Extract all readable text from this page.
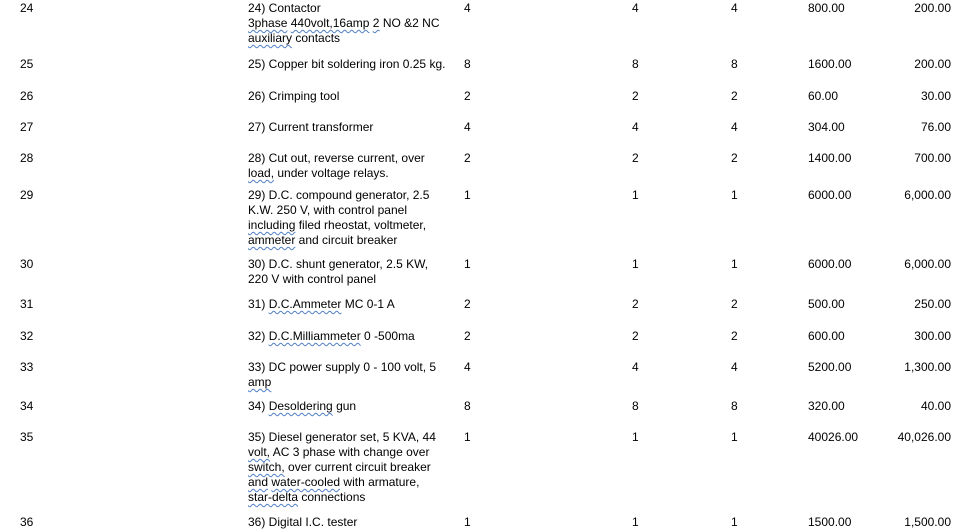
24	24) Contactor
3phase 440volt,16amp 2 NO &2 NC
auxiliary contacts
4	4	4	800.00	200.00
25	25) Copper bit soldering iron 0.25 kg.	8	8	8	1600.00	200.00
26	26) Crimping tool	2	2	2	60.00	30.00
27	27) Current transformer	4	4	4	304.00	76.00
28	28) Cut out, reverse current, over
load, under voltage relays.
2	2	2	1400.00	700.00
29	29) D.C. compound generator, 2.5
K.W. 250 V, with control panel
including filed rheostat, voltmeter,
ammeter and circuit breaker
1	1	1	6000.00	6,000.00
30	30) D.C. shunt generator, 2.5 KW,
220 V with control panel
1	1	1	6000.00	6,000.00
31	31) D.C.Ammeter MC 0-1 A	2	2	2	500.00	250.00
32	32) D.C.Milliammeter 0 -500ma	2	2	2	600.00	300.00
33	33) DC power supply 0 - 100 volt, 5
amp
4	4	4	5200.00	1,300.00
34	34) Desoldering gun	8	8	8	320.00	40.00
35	35) Diesel generator set, 5 KVA, 44
volt, AC 3 phase with change over
switch, over current circuit breaker
and water-cooled with armature,
star-delta connections
1	1	1	40026.00	40,026.00
36	36) Digital I.C. tester	1	1	1	1500.00	1,500.00
